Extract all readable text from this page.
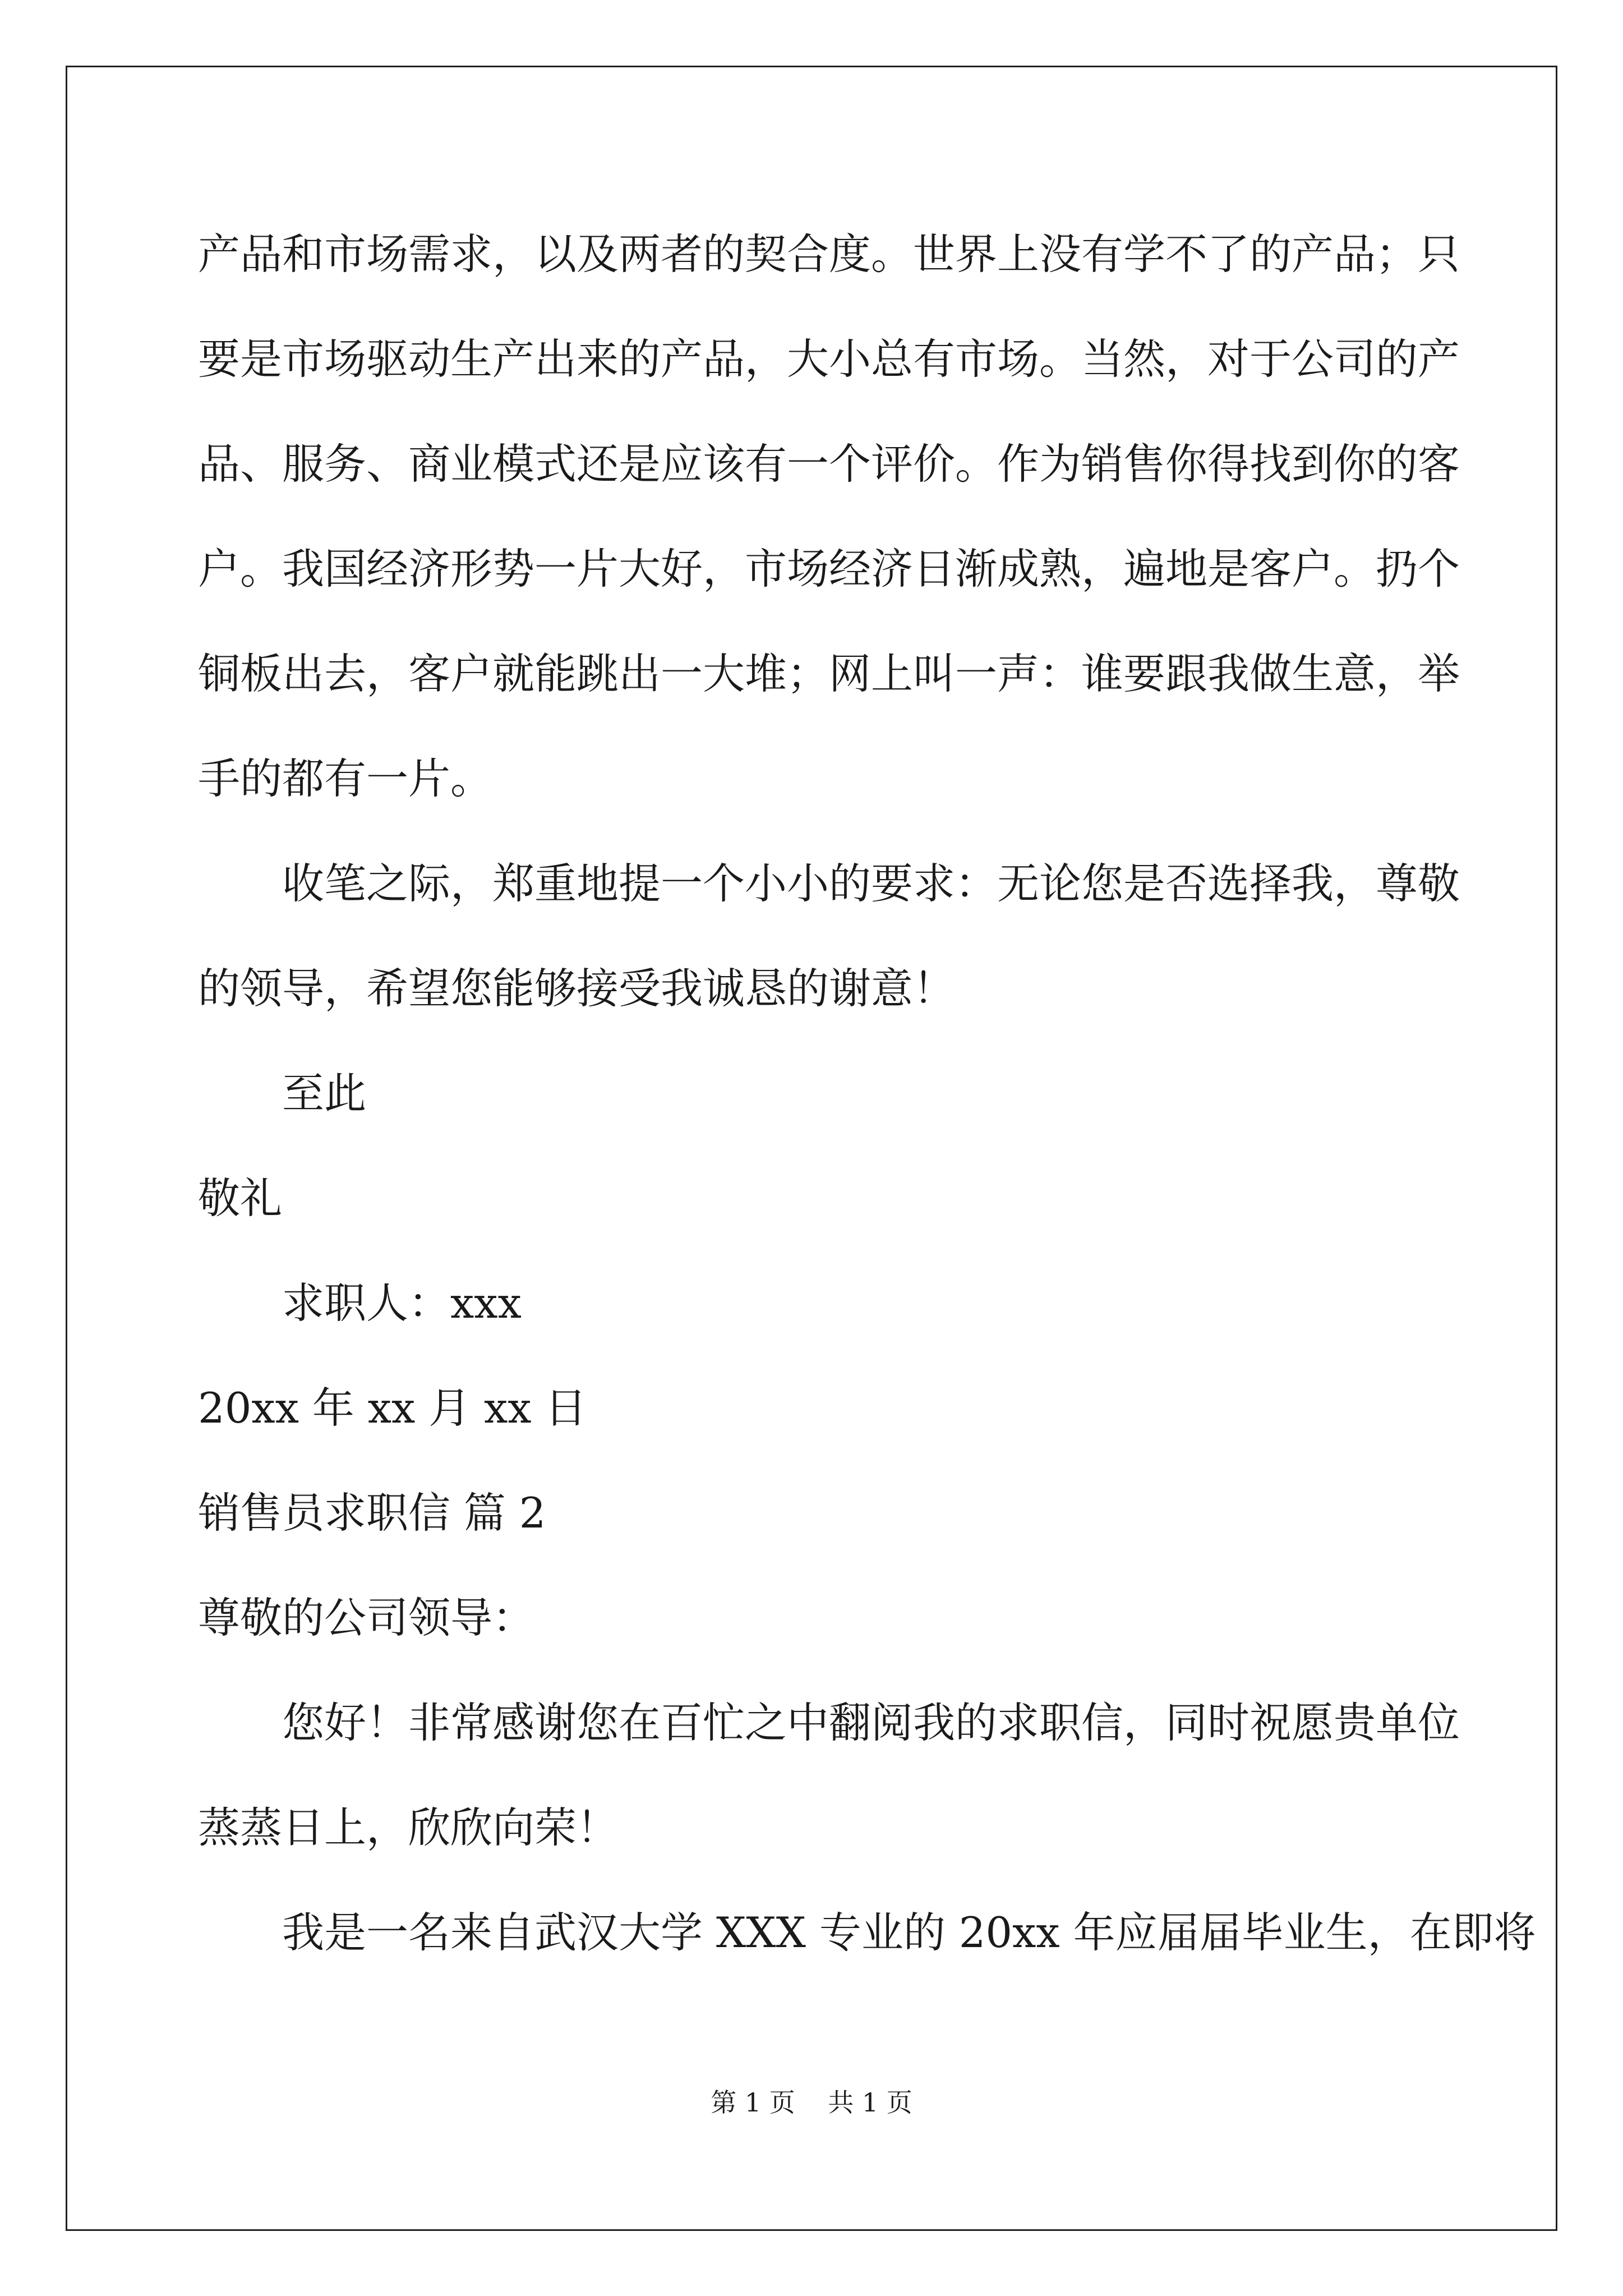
产品和市场需求，以及两者的契合度。世界上没有学不了的产品；只
要是市场驱动生产出来的产品，大小总有市场。当然，对于公司的产
品、服务、商业模式还是应该有一个评价。作为销售你得找到你的客
户。我国经济形势一片大好，市场经济日渐成熟，遍地是客户。扔个
铜板出去，客户就能跳出一大堆；网上叫一声：谁要跟我做生意，举
手的都有一片。
收笔之际，郑重地提一个小小的要求：无论您是否选择我，尊敬
的领导，希望您能够接受我诚恳的谢意！
至此
敬礼
求职人：xxx
20xx 年 xx 月 xx 日
销售员求职信 篇 2
尊敬的公司领导：
您好！非常感谢您在百忙之中翻阅我的求职信，同时祝愿贵单位
蒸蒸日上，欣欣向荣！
我是一名来自武汉大学 XXX 专业的 20xx 年应届届毕业生，在即将
第 1 页    共 1 页
